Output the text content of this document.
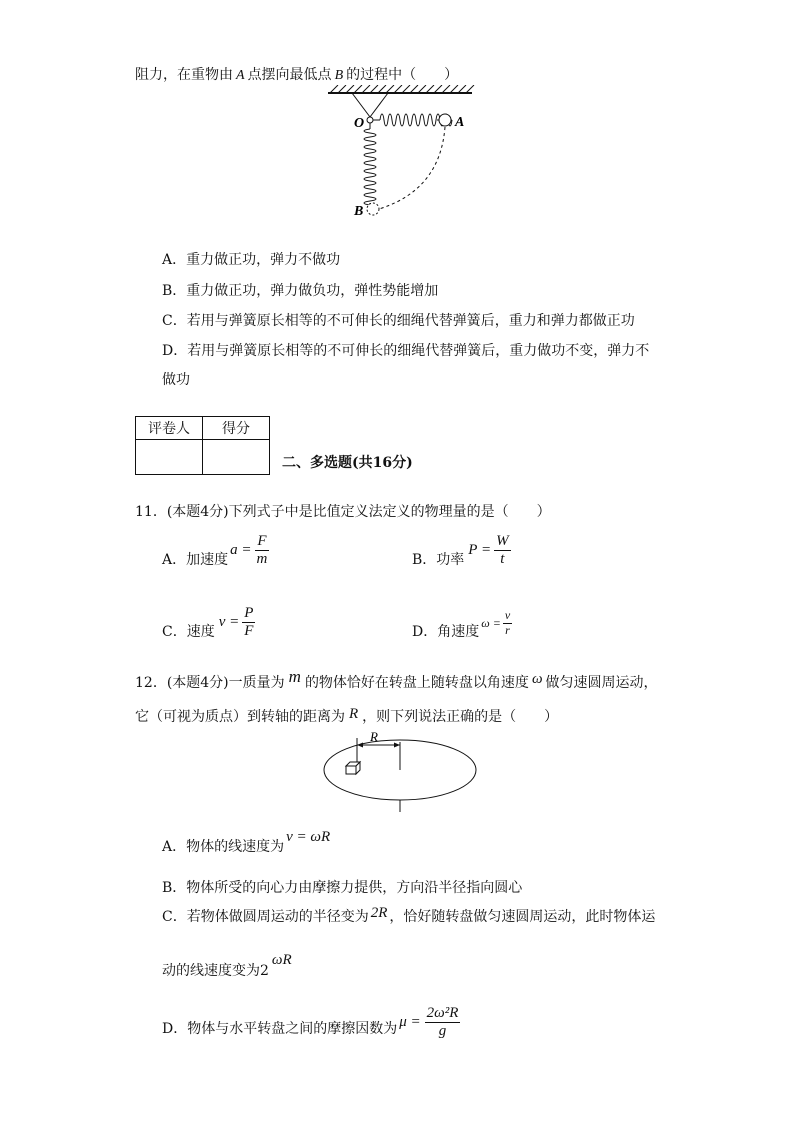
阻力，在重物由 A 点摆向最低点 B 的过程中（　　）
O	A
B
A．重力做正功，弹力不做功
B．重力做正功，弹力做负功，弹性势能增加
C．若用与弹簧原长相等的不可伸长的细绳代替弹簧后，重力和弹力都做正功
D．若用与弹簧原长相等的不可伸长的细绳代替弹簧后，重力做功不变，弹力不
做功
评卷人	得分

二、多选题(共16分)
11．(本题4分)下列式子中是比值定义法定义的物理量的是（　　）
A．加速度
$a = \frac{F}{m}$	B．功率
$P = \frac{W}{t}$
C．速度
$v = \frac{P}{F}$	D．角速度
$\omega = \frac{v}{r}$
12．(本题4分)一质量为 m 的物体恰好在转盘上随转盘以角速度 ω 做匀速圆周运动，
它（可视为质点）到转轴的距离为 R ，则下列说法正确的是（　　）
R
A．物体的线速度为v = ωR
B．物体所受的向心力由摩擦力提供，方向沿半径指向圆心
C．若物体做圆周运动的半径变为 2R ，恰好随转盘做匀速圆周运动，此时物体运
动的线速度变为2ωR
D．物体与水平转盘之间的摩擦因数为 $\mu = \frac{\text{2ω²R}}{g}$
